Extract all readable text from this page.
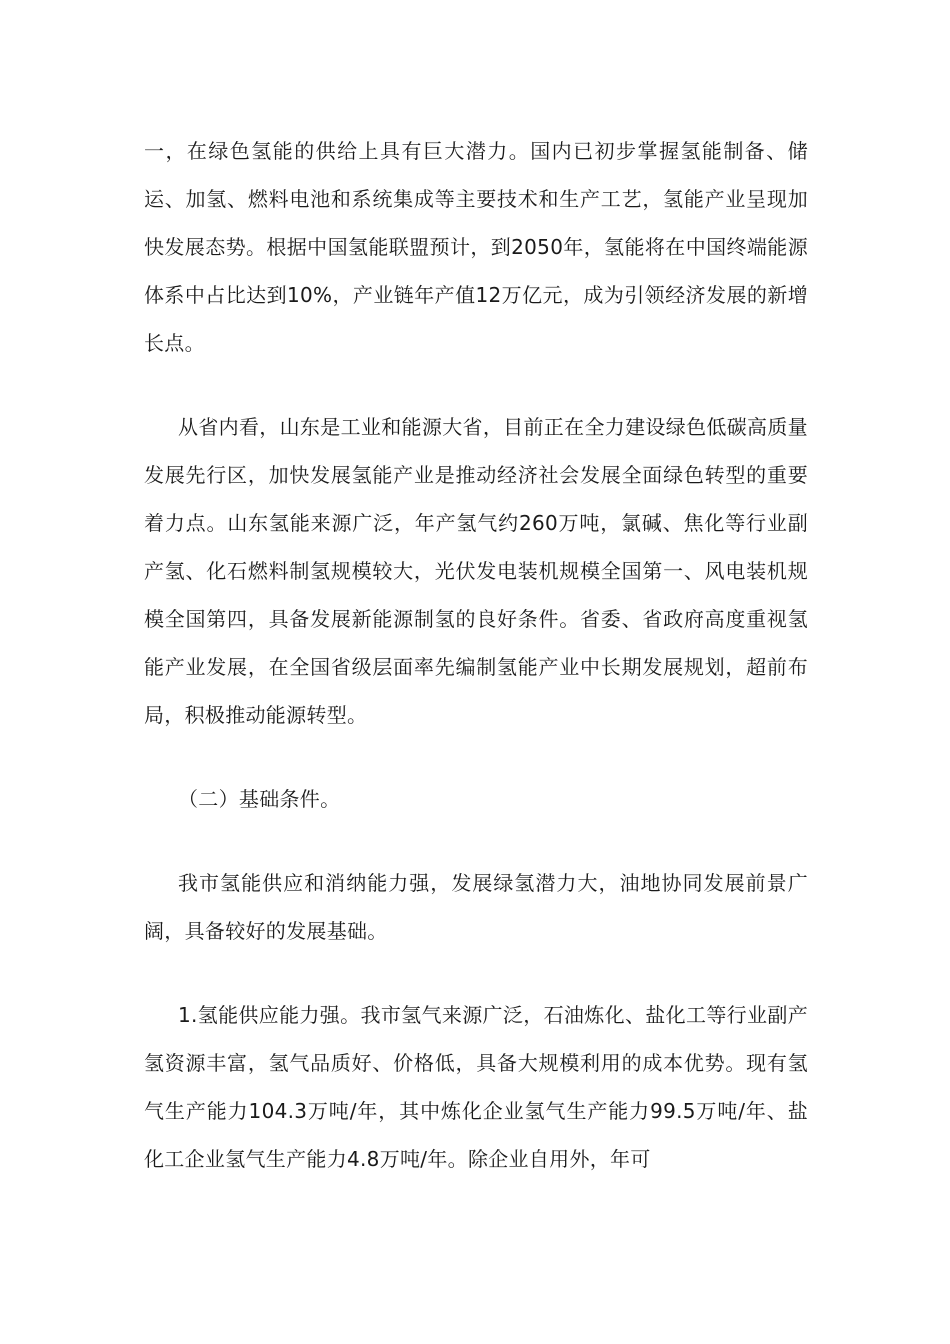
一，在绿色氢能的供给上具有巨大潜力。国内已初步掌握氢能制备、储运、加氢、燃料电池和系统集成等主要技术和生产工艺，氢能产业呈现加快发展态势。根据中国氢能联盟预计，到2050年，氢能将在中国终端能源体系中占比达到10%，产业链年产值12万亿元，成为引领经济发展的新增长点。

从省内看，山东是工业和能源大省，目前正在全力建设绿色低碳高质量发展先行区，加快发展氢能产业是推动经济社会发展全面绿色转型的重要着力点。山东氢能来源广泛，年产氢气约260万吨，氯碱、焦化等行业副产氢、化石燃料制氢规模较大，光伏发电装机规模全国第一、风电装机规模全国第四，具备发展新能源制氢的良好条件。省委、省政府高度重视氢能产业发展，在全国省级层面率先编制氢能产业中长期发展规划，超前布局，积极推动能源转型。

（二）基础条件。

我市氢能供应和消纳能力强，发展绿氢潜力大，油地协同发展前景广阔，具备较好的发展基础。

1.氢能供应能力强。我市氢气来源广泛，石油炼化、盐化工等行业副产氢资源丰富，氢气品质好、价格低，具备大规模利用的成本优势。现有氢气生产能力104.3万吨/年，其中炼化企业氢气生产能力99.5万吨/年、盐化工企业氢气生产能力4.8万吨/年。除企业自用外，年可
